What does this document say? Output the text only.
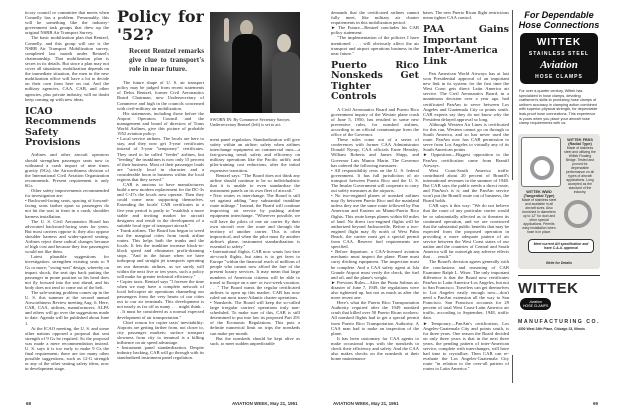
ticory council or committee that meets when Connelly has a problem. Presumably, this will be something like the industry-government task groups that drew up the original NSRB Air Transport Survey.

The basic mobilization plan that Rentzel, Connelly, and this group will use is the NSRB Air Transport Mobilization survey, completed last month under Rentzel's chairmanship. That mobilization plan is secret in its details. But since a plan may not cover all situations, mobilization depends on the immediate situation, the men in the new mobilization office will have a lot to decide on their own from here on out. And the military agencies, CAA, CAB, and other agencies, plus private industry, will no doubt keep coming up with new ideas.

ICAO Recommends Safety Provisions

Airlines and other aircraft operators should strengthen passenger seats now to withstand a crash impact of nine times gravity (9Gs), the Airworthiness division of the International Civil Aviation Organization recommends. Present requirement is only 6Gs.

Other safety improvements recommended for investigation are:

• Backward-facing seats, spacing of forward-facing seats farther apart so passengers do not hit the seat in front in a crash, shoulder harness installation.

The U. S. Civil Aeronautics Board has advocated backward-facing seats for years. But most carriers oppose it; they also oppose shoulder harness and wider-spaced seating. Airlines reject these radical changes because of high cost and because they fear passengers would not like them.

Latest plausible suggestions for investigation: strengthen existing seats to 9 Gs or more; "swing-seat" design, whereby on impact shock, the seat tips back putting the passenger in prone position so his head does not fly forward into the seat ahead, and his body does not tend to come out of the belt.

The safe-seating problem comes up in the U. S. this summer at the second annual Airworthiness Review meeting Aug. 6. Here, CAB, CAA, airlines, manufacturers, ALPA and others will go over the suggestions made to date. Agenda will be published about June 1.

At the ICAO meeting, the U. S. and some other nations opposed a proposal that seat strength of 9 Gs be required. So the proposal was made a mere recommendation instead. U. S. says it is too early to make 9 Gs the final requirement; there are too many other possible suggestions, such as 12-G strength or any of the other seating safety ideas, now in development stage.

Policy for '52?
Recent Rentzel remarks give clue to transport's role in near future.

The future shape of U. S. air transport policy may be judged from recent statements of Delos Rentzel, former Civil Aeronautics Board Chairman, now Undersecretary of Commerce and high in the councils concerned with civil-military air mobilization.

His statements, including those before the Airport Operators Council and the management and board of directors of Trans World Airlines, give this picture of probable 1952 aviation policy:

• Local service airlines. The locals are here to stay, and they now get 3-year certificates instead of 3-year "temporary" certificates. They used to be called "feeder" airlines, but "feeding" the trunklines is now only 15 percent of their business. Most of their passenger loads are "strictly local in character and a considerable boon to business within the local regions that they served."

CAB is anxious to have manufacturers build a new modern replacement for the DC-3s and C-47s the locals now operate. Then they could come near supporting themselves. Extending the locals' CAB certificates to a five-year period is partly to "establish a more stable and inviting market for aircraft designers and result in the development of a suitable local type of transport aircraft."

• Trunk airlines. The Board has begun to weed out the marginal cities from trunk airline routes. This helps both the trunks and the locals. It lets the trunkline increase block-to-block speed and eliminates profit-draining stops. "And in the future when we have turboprop and straight jet transports operating on our domestic airlines, as we surely will within the next five or ten years, such a policy will make for greater technical efficiency."

• Copter taxis. Rentzel says "I foresee the time when we may have a complete network of local helicopter air operations channeling our passengers from the very hearts of our cities out to our air terminals. This development is not nearly as far off as many . . . might think. . . . It must be considered as a normal expected development of air transportation."

Chief reason for copter taxis' inevitability: Airports are getting farther from, not closer to, city passenger markets; surface transport slowness from city to terminal is a killing influence on air speed advantage.

• Instrument panel standardization. Despite industry backing, CAB will go through with its standardized instrument panel regulation.

SWORN IN: By Commerce Secretary Sawyer, Undersecretary Rentzel (left) is set to act.

ment panel regulation. Standardization will give safety within an airline; safety when airlines interchange equipment on commercial runs—a fast-growing trend; safety and efficiency on military operations like the Pacific airlift; and pilot-training cost reductions, after the initial expensive transition.

Rentzel says: "The Board does not think any airline should continue to be so individualistic that it is unable to even standardize the instrument panels on its own fleet of aircraft."

• New routes vs interchange. The Board is still set against adding "any substantial trunkline route mileage." Instead, the Board will continue improving air service by pushing airline equipment interchange. "Wherever possible, we will have the pilots of one air carrier fly their own aircraft over the route and through the territory of another carrier. This is often impractical, and when the pilot must fly another airline's plane, instrument standardization is essential to safety."

• International flights. CAB now wants low-fare air-coach flights, but aims is to get fares to Europe "within the financial reach of millions of people who cannot now afford the fare of the present luxury services. It may mean that large numbers of American citizens will be able to travel to Europe on a one- or two-week vacation. . . ." The Board wants the regular certificated airlines to open up this market. CAB has now ruled out most trans-Atlantic charter operations.

• Nonskeds. The Board will keep the so-called large irregular carriers' operations truly non-scheduled. To make sure of this, CAB is still determined to put into law its proposed Part 291 of the Economic Regulations. This puts a definite numerical limit on trips the nonskeds can make per month.

But the nonskeds should be kept alive as such, to meet sudden unpredictable

68	AVIATION WEEK, May 21, 1951

demands that the certificated airlines cannot fully meet, like military air charter requirements in this mobilization period.

► The Future—Rentzel concludes his CAB policy statement:

"The implementation of the policies I have mentioned . . . will obviously affect the air transport and airport operations business in the near future."

Puerto Rico Nonskeds Get Tighter Controls

A Civil Aeronautics Board and Puerto Rico government inquiry of the Westair plane crash of June 5, 1950, has resulted in some new preventive rules, for nonsked airlines, according to an official communique from the office of the Governor.

These rules come out of a series of conferences with former CAA Administrator Donald Nyrop, CAA officials Ernie Hensley, William Roberts and James Shipp, and Governor Luis Munoz Marin. The Governor has ordered the following measures:

• All responsibility rests on the U. S. federal government. It has full jurisdiction of air transport between Puerto Rico and the U. S. The Insular Government will cooperate to carry out safety measures at the airports.

• No two-engined planes of nonsked airlines may fly between Puerto Rico and the mainland unless they use the same route followed by Pan American and Eastern on Miami-Puerto Rico flights. This route keeps planes within 60 miles of land. No direct two-engined flights will be authorized beyond Jacksonville. Before a two-engined flight may fly north of West Palm Beach, the carrier must get a special permit from CAA. Reserve fuel requirements are specified.

• Before departure, a CAA-licensed aviation mechanic must inspect the plane. Plane must carry ditching equipment. The inspection must be complete. And a CAA safety agent at Isla Grande Airport must verify the check, the fuel and oil, and the plane's weight.

► Previous Rules—After the Punta Salinas air disaster of June 7, 1949, the regulations were also tightened up, but not as much as after the more recent one.

Here's what the Puerto Rico Transportation Authority required after the 1949 nonsked crash that killed over 50 Puerto Rican workers: All nonsked flights had to get a special permit from Puerto Rico Transportation Authority. A CAA man had to make an inspection of the plane.

It has been customary for CAA agents to make occasional trips with the nonskeds to check their efficiency and safety. And the CAA also makes checks on the nonskeds at their home maintenance

bases. The new Puerto Rican flight restrictions mean tighter CAA control.

PAA Gains Important Inter-America Link

Pan American World Airways has at last won Presidential approval of an important new link in its system; for the first time the West Coast gets direct Latin America air service. The Civil Aeronautics Board, in a unanimous decision over a year ago, had certificated PanAm to serve between Los Angeles and Guatemala City or points south. CAB experts say they do not know why the President delayed approval so long.

Although Western Air Lines is certificated for this run, Western cannot go on through to South America, and so has never used the route. PanAm now has CAB permission to serve from Los Angeles to virtually any of its South American points.

► Opposition—Biggest opposition to the PanAm certification came from Braniff Airways.

West Coast-South America traffic contributed about 20 percent of Braniff's international revenues in the summer of 1948. But CAB says the public needs a direct route, and PanAm's is it; and the PanAm service won't put the Braniff route out of business, the Board holds.

CAB says it this way: "We do not believe that the route of any particular carrier would be so substantially affected as to threaten its continued operation, and we are convinced that the substantial public benefits that may be expected from the proposed operation in providing a more adequate pattern of air service between the West Coast states of our nation and the countries of Central and South America will far outweigh any adverse effects that . . . result."

The Board's decision agrees generally with the conclusions and reasoning of CAB Examiner Ralph L. Wiser. The only important difference is that the Board now certificates PanAm to Latin America-Los Angeles, but not to San Francisco. Travelers can get themselves to Los Angeles easily enough now—don't need a PanAm extension all the way to San Francisco. San Francisco accounts for 29 percent of total West Coast-Latin America air traffic, according to September, 1948, traffic data.

► Temporary—PanAm's certification, Los Angeles-Guatemala City and points south, is for three years. One reason the Board decided on only three years is that in the next three years, the pending pattern of inter-American service, complete with interchanges, will have had time to crystallize. Then CAB can re-evaluate the Los Angeles-Guatemala City route "in relation to the over-all pattern of routes to Latin America."

For Dependable Hose Connections
WITTEK
STAINLESS STEEL
Aviation
HOSE CLAMPS
For over a quarter century, Wittek has specialized in hose clamps, devoting craftsmen's skills to producing hose clamps of uniform accuracy in clamping action combined with superior physical strength, for dependable leak-proof hose connections. This experience is yours when you place your aircraft hose clamp requirements with us.
WITTEK FBSS
(Radial Type)
Made of stainless steel and utilizing the Wittek Floating Bridge. Tested and proved for dependable performance on all types of aircraft applications. Long accepted as the standard of the industry.
WITTEK WWD
(Tangential Type)
Made of stainless steel and available in all aircraft sizes. Also furnished in diameters up to 12" for duct and other special applications. Permits easy installation when hose is in place.
Meet current AN specification and have C.A.A. approval
Write for Details
WITTEK Aviation
HOSE CLAMPS
MANUFACTURING CO.
4300 West 24th Place, Chicago 23, Illinois
AVIATION WEEK, May 21, 1951	69
